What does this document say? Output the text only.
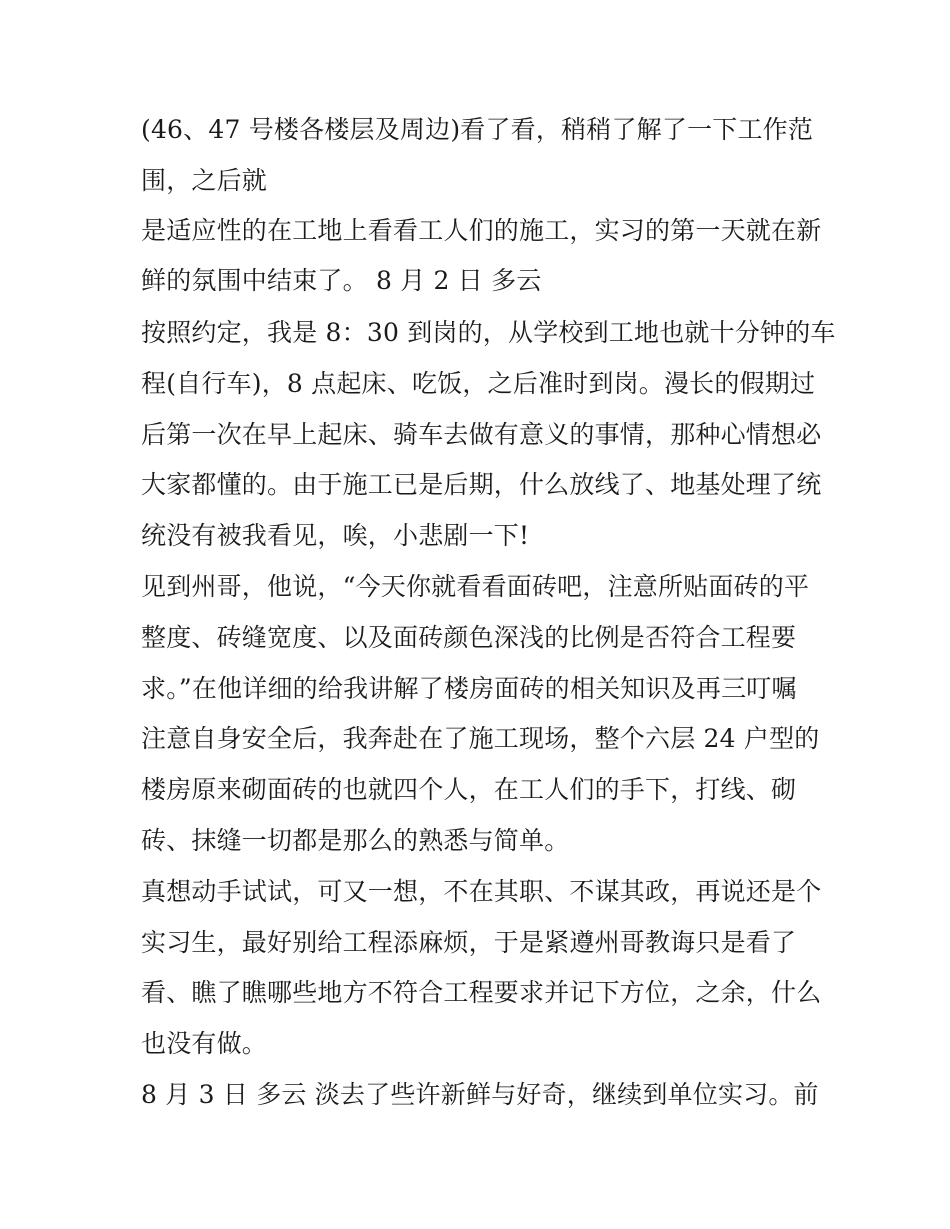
(46、47 号楼各楼层及周边)看了看，稍稍了解了一下工作范
围，之后就
是适应性的在工地上看看工人们的施工，实习的第一天就在新
鲜的氛围中结束了。 8 月 2 日 多云
按照约定，我是 8：30 到岗的，从学校到工地也就十分钟的车
程(自行车)，8 点起床、吃饭，之后准时到岗。漫长的假期过
后第一次在早上起床、骑车去做有意义的事情，那种心情想必
大家都懂的。由于施工已是后期，什么放线了、地基处理了统
统没有被我看见，唉，小悲剧一下!
见到州哥，他说，“今天你就看看面砖吧，注意所贴面砖的平
整度、砖缝宽度、以及面砖颜色深浅的比例是否符合工程要
求。”在他详细的给我讲解了楼房面砖的相关知识及再三叮嘱
注意自身安全后，我奔赴在了施工现场，整个六层 24 户型的
楼房原来砌面砖的也就四个人，在工人们的手下，打线、砌
砖、抹缝一切都是那么的熟悉与简单。
真想动手试试，可又一想，不在其职、不谋其政，再说还是个
实习生，最好别给工程添麻烦，于是紧遵州哥教诲只是看了
看、瞧了瞧哪些地方不符合工程要求并记下方位，之余，什么
也没有做。
8 月 3 日 多云 淡去了些许新鲜与好奇，继续到单位实习。前
